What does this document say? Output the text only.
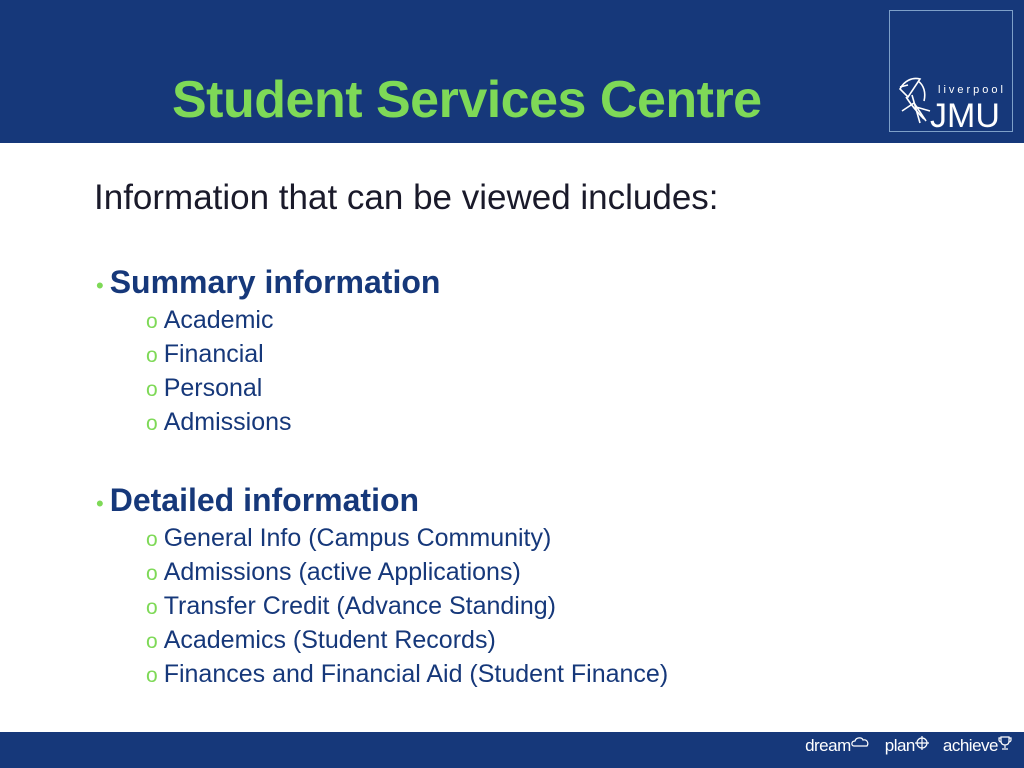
Student Services Centre	liverpool
JMU
Information that can be viewed includes:
• Summary information
o Academic
o Financial
o Personal
o Admissions
• Detailed information
o General Info (Campus Community)
o Admissions (active Applications)
o Transfer Credit (Advance Standing)
o Academics (Student Records)
o Finances and Financial Aid (Student Finance)
dream	plan	achieve
